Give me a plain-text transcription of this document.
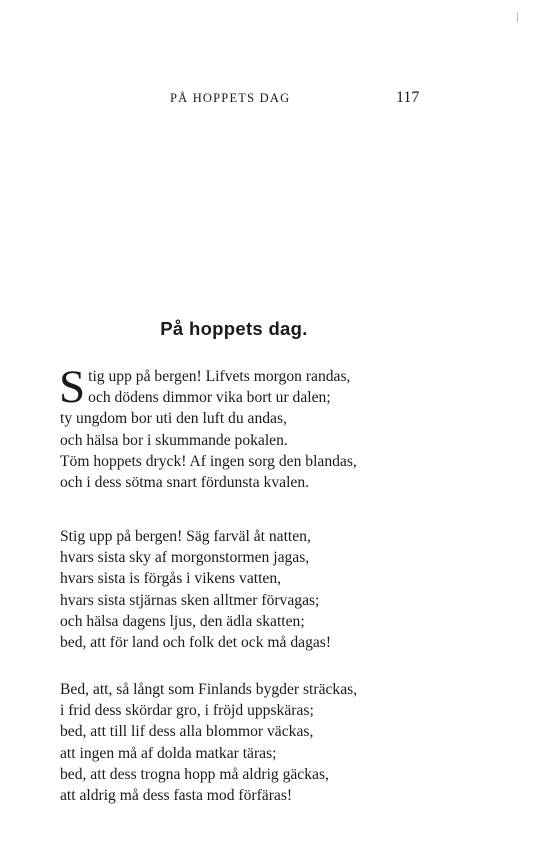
PÅ HOPPETS DAG	117
På hoppets dag.
S tig upp på bergen! Lifvets morgon randas,
och dödens dimmor vika bort ur dalen;
ty ungdom bor uti den luft du andas,
och hälsa bor i skummande pokalen.
Töm hoppets dryck! Af ingen sorg den blandas,
och i dess sötma snart fördunsta kvalen.
Stig upp på bergen! Säg farväl åt natten,
hvars sista sky af morgonstormen jagas,
hvars sista is förgås i vikens vatten,
hvars sista stjärnas sken alltmer förvagas;
och hälsa dagens ljus, den ädla skatten;
bed, att för land och folk det ock må dagas!
Bed, att, så långt som Finlands bygder sträckas,
i frid dess skördar gro, i fröjd uppskäras;
bed, att till lif dess alla blommor väckas,
att ingen må af dolda matkar täras;
bed, att dess trogna hopp må aldrig gäckas,
att aldrig må dess fasta mod förfäras!
